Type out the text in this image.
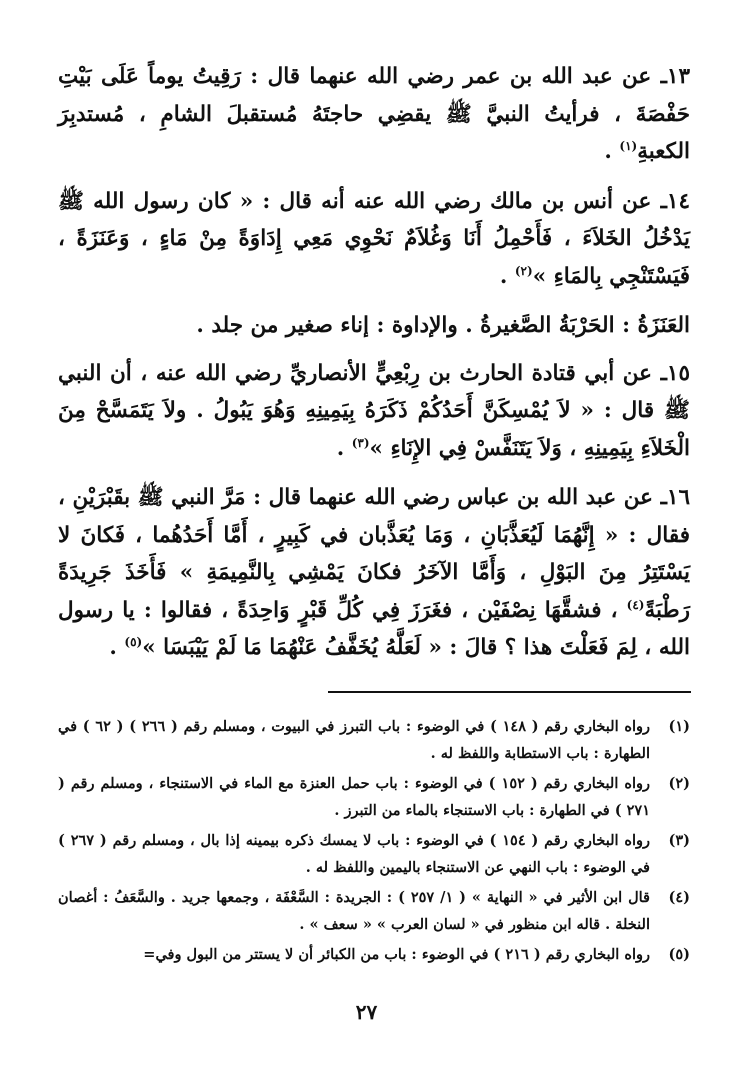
١٣ـ عن عبد الله بن عمر رضي الله عنهما قال : رَقِيتُ يوماً عَلَى بَيْتِ حَفْصَةَ ، فرأيتُ النبيَّ ﷺ يقضِي حاجتَهُ مُستقبلَ الشامِ ، مُستدبِرَ الكعبةِ$^{(١)}$ .

١٤ـ عن أنس بن مالك رضي الله عنه أنه قال : « كان رسول الله ﷺ يَدْخُلُ الخَلاَءَ ، فَأَحْمِلُ أَنَا وَغُلاَمٌ نَحْوِي مَعِي إِدَاوَةً مِنْ مَاءٍ ، وَعَنَزَةً ، فَيَسْتَنْجِي بِالمَاءِ »$^{(٢)}$ .

العَنَزَةُ : الحَرْبَةُ الصَّغيرةُ . والإداوة : إناء صغير من جلد .

١٥ـ عن أبي قتادة الحارث بن رِبْعِيٍّ الأنصاريِّ رضي الله عنه ، أن النبي ﷺ قال : « لاَ يُمْسِكَنَّ أَحَدُكُمْ ذَكَرَهُ بِيَمِينِهِ وَهُوَ يَبُولُ . ولاَ يَتَمَسَّحْ مِنَ الْخَلاَءِ بِيَمِينِهِ ، وَلاَ يَتَنَفَّسْ فِي الإِنَاءِ »$^{(٣)}$ .

١٦ـ عن عبد الله بن عباس رضي الله عنهما قال : مَرَّ النبي ﷺ بقَبْرَيْنِ ، فقال : « إِنَّهُمَا لَيُعَذَّبَانِ ، وَمَا يُعَذَّبان في كَبِيرٍ ، أَمَّا أَحَدُهُما ، فَكانَ لا يَسْتَتِرُ مِنَ البَوْلِ ، وَأَمَّا الآخَرُ فكانَ يَمْشِي بِالنَّمِيمَةِ » فَأَخَذَ جَرِيدَةً رَطْبَةً$^{(٤)}$ ، فشقَّهَا نِصْفَيْن ، فغَرَزَ فِي كُلِّ قَبْرٍ وَاحِدَةً ، فقالوا : يا رسول الله ، لِمَ فَعَلْتَ هذا ؟ قالَ : « لَعَلَّهُ يُخَفَّفُ عَنْهُمَا مَا لَمْ يَيْبَسَا »$^{(٥)}$ .

(١)
رواه البخاري رقم ( ١٤٨ ) في الوضوء : باب التبرز في البيوت ، ومسلم رقم ( ٢٦٦ ) ( ٦٢ ) في الطهارة : باب الاستطابة واللفظ له .
(٢)
رواه البخاري رقم ( ١٥٢ ) في الوضوء : باب حمل العنزة مع الماء في الاستنجاء ، ومسلم رقم ( ٢٧١ ) في الطهارة : باب الاستنجاء بالماء من التبرز .
(٣)
رواه البخاري رقم ( ١٥٤ ) في الوضوء : باب لا يمسك ذكره بيمينه إذا بال ، ومسلم رقم ( ٢٦٧ ) في الوضوء : باب النهي عن الاستنجاء باليمين واللفظ له .
(٤)
قال ابن الأثير في « النهاية » ( ١/ ٢٥٧ ) : الجريدة : السَّعْفَة ، وجمعها جريد . والسَّعَفُ : أغصان النخلة . قاله ابن منظور في « لسان العرب » « سعف » .
(٥)
رواه البخاري رقم ( ٢١٦ ) في الوضوء : باب من الكبائر أن لا يستتر من البول وفي=
٢٧
